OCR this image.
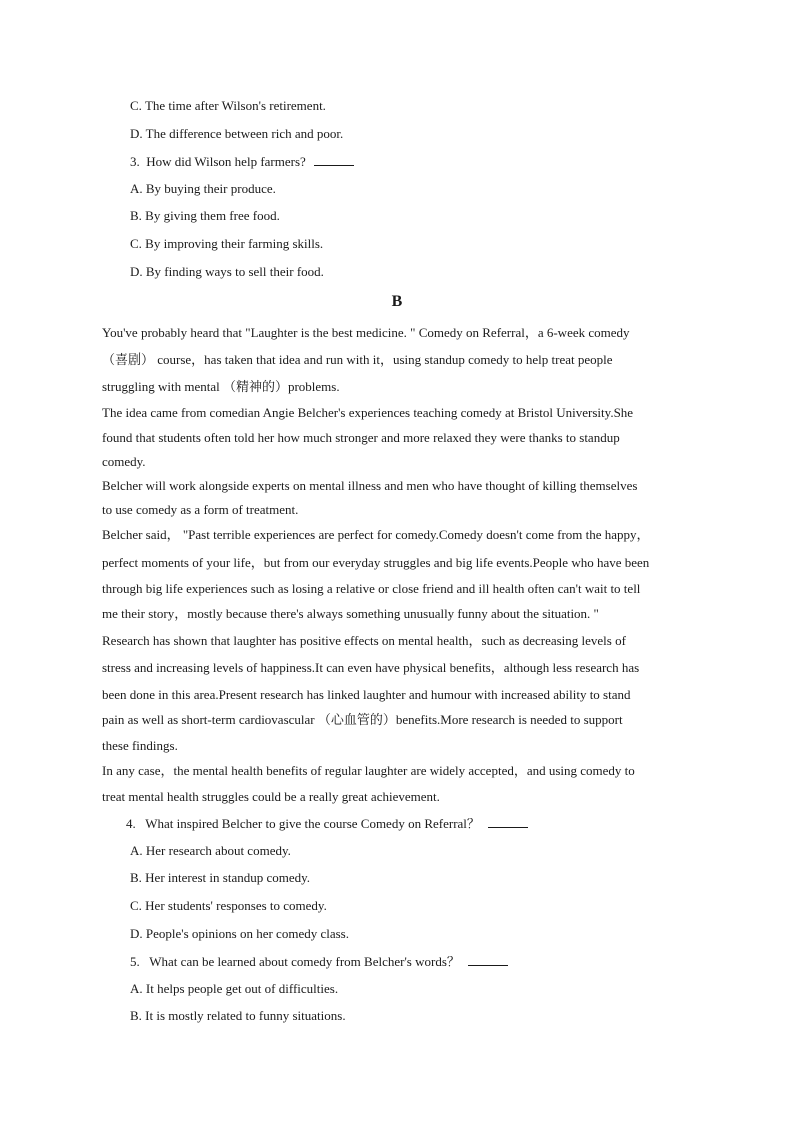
C. The time after Wilson's retirement.
D. The difference between rich and poor.
3. How did Wilson help farmers?
A. By buying their produce.
B. By giving them free food.
C. By improving their farming skills.
D. By finding ways to sell their food.
B
You've probably heard that "Laughter is the best medicine. " Comedy on Referral，a 6-week comedy
（喜剧） course，has taken that idea and run with it，using standup comedy to help treat people
struggling with mental （精神的）problems.
The idea came from comedian Angie Belcher's experiences teaching comedy at Bristol University.She
found that students often told her how much stronger and more relaxed they were thanks to standup
comedy.
Belcher will work alongside experts on mental illness and men who have thought of killing themselves
to use comedy as a form of treatment.
Belcher said， "Past terrible experiences are perfect for comedy.Comedy doesn't come from the happy，
perfect moments of your life，but from our everyday struggles and big life events.People who have been
through big life experiences such as losing a relative or close friend and ill health often can't wait to tell
me their story，mostly because there's always something unusually funny about the situation. "
Research has shown that laughter has positive effects on mental health，such as decreasing levels of
stress and increasing levels of happiness.It can even have physical benefits，although less research has
been done in this area.Present research has linked laughter and humour with increased ability to stand
pain as well as short-term cardiovascular （心血管的）benefits.More research is needed to support
these findings.
In any case，the mental health benefits of regular laughter are widely accepted，and using comedy to
treat mental health struggles could be a really great achievement.
4. What inspired Belcher to give the course Comedy on Referral？
A. Her research about comedy.
B. Her interest in standup comedy.
C. Her students' responses to comedy.
D. People's opinions on her comedy class.
5. What can be learned about comedy from Belcher's words？
A. It helps people get out of difficulties.
B. It is mostly related to funny situations.
